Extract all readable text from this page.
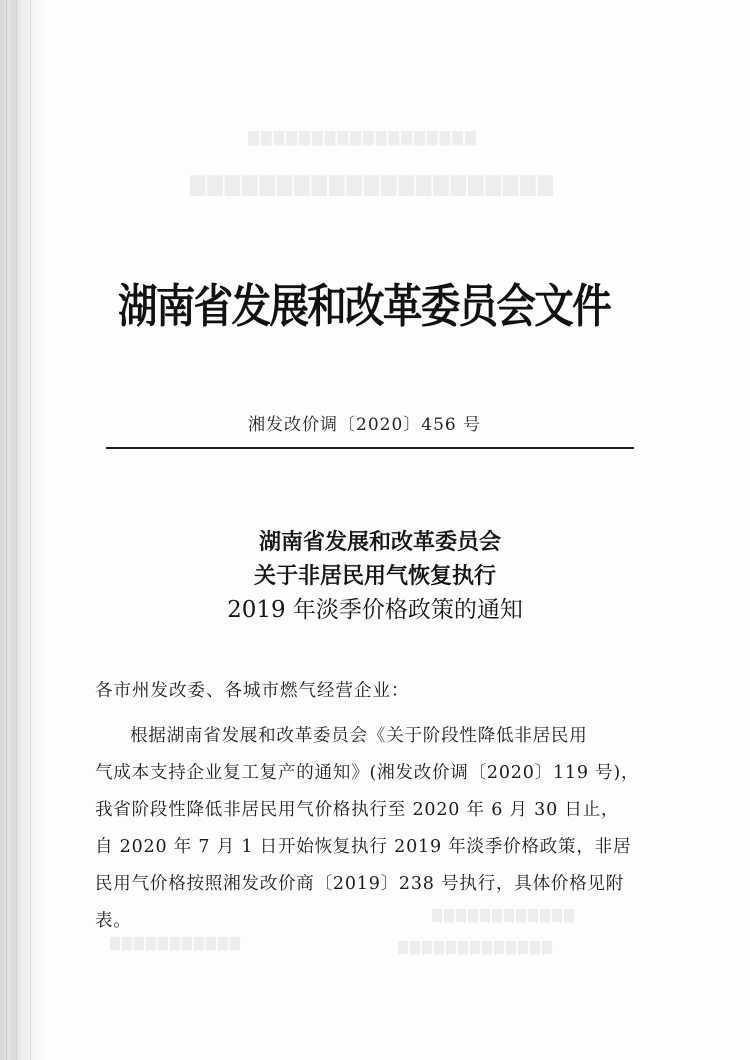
▇▇▇▇▇▇▇▇▇▇▇▇▇▇▇▇▇▇
▇▇▇▇▇▇▇▇▇▇▇▇▇▇▇▇▇▇▇▇▇
▇▇▇▇▇▇▇▇▇▇▇▇
▇▇▇▇▇▇▇▇▇▇▇	▇▇▇▇▇▇▇▇▇▇▇▇▇
湖南省发展和改革委员会文件
湘发改价调〔2020〕456 号
湖南省发展和改革委员会
关于非居民用气恢复执行
2019 年淡季价格政策的通知
各市州发改委、各城市燃气经营企业：
根据湖南省发展和改革委员会《关于阶段性降低非居民用
气成本支持企业复工复产的通知》(湘发改价调〔2020〕119 号)，
我省阶段性降低非居民用气价格执行至 2020 年 6 月 30 日止，
自 2020 年 7 月 1 日开始恢复执行 2019 年淡季价格政策，非居
民用气价格按照湘发改价商〔2019〕238 号执行，具体价格见附
表。
